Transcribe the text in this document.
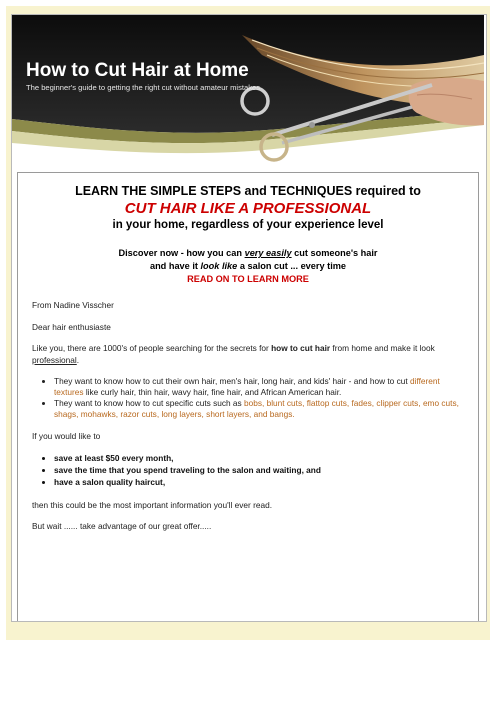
How to Cut Hair at Home
The beginner's guide to getting the right cut without amateur mistakes

LEARN THE SIMPLE STEPS and TECHNIQUES required to

CUT HAIR LIKE A PROFESSIONAL

in your home, regardless of your experience level

Discover now - how you can very easily cut someone's hair
and have it look like a salon cut ... every time
READ ON TO LEARN MORE

From Nadine Visscher

Dear hair enthusiaste

Like you, there are 1000's of people searching for the secrets for how to cut hair from home and make it look professional.

• They want to know how to cut their own hair, men's hair, long hair, and kids' hair - and how to cut different textures like curly hair, thin hair, wavy hair, fine hair, and African American hair.
• They want to know how to cut specific cuts such as bobs, blunt cuts, flattop cuts, fades, clipper cuts, emo cuts, shags, mohawks, razor cuts, long layers, short layers, and bangs.

If you would like to

• save at least $50 every month,
• save the time that you spend traveling to the salon and waiting, and
• have a salon quality haircut,

then this could be the most important information you'll ever read.

But wait ...... take advantage of our great offer.....
